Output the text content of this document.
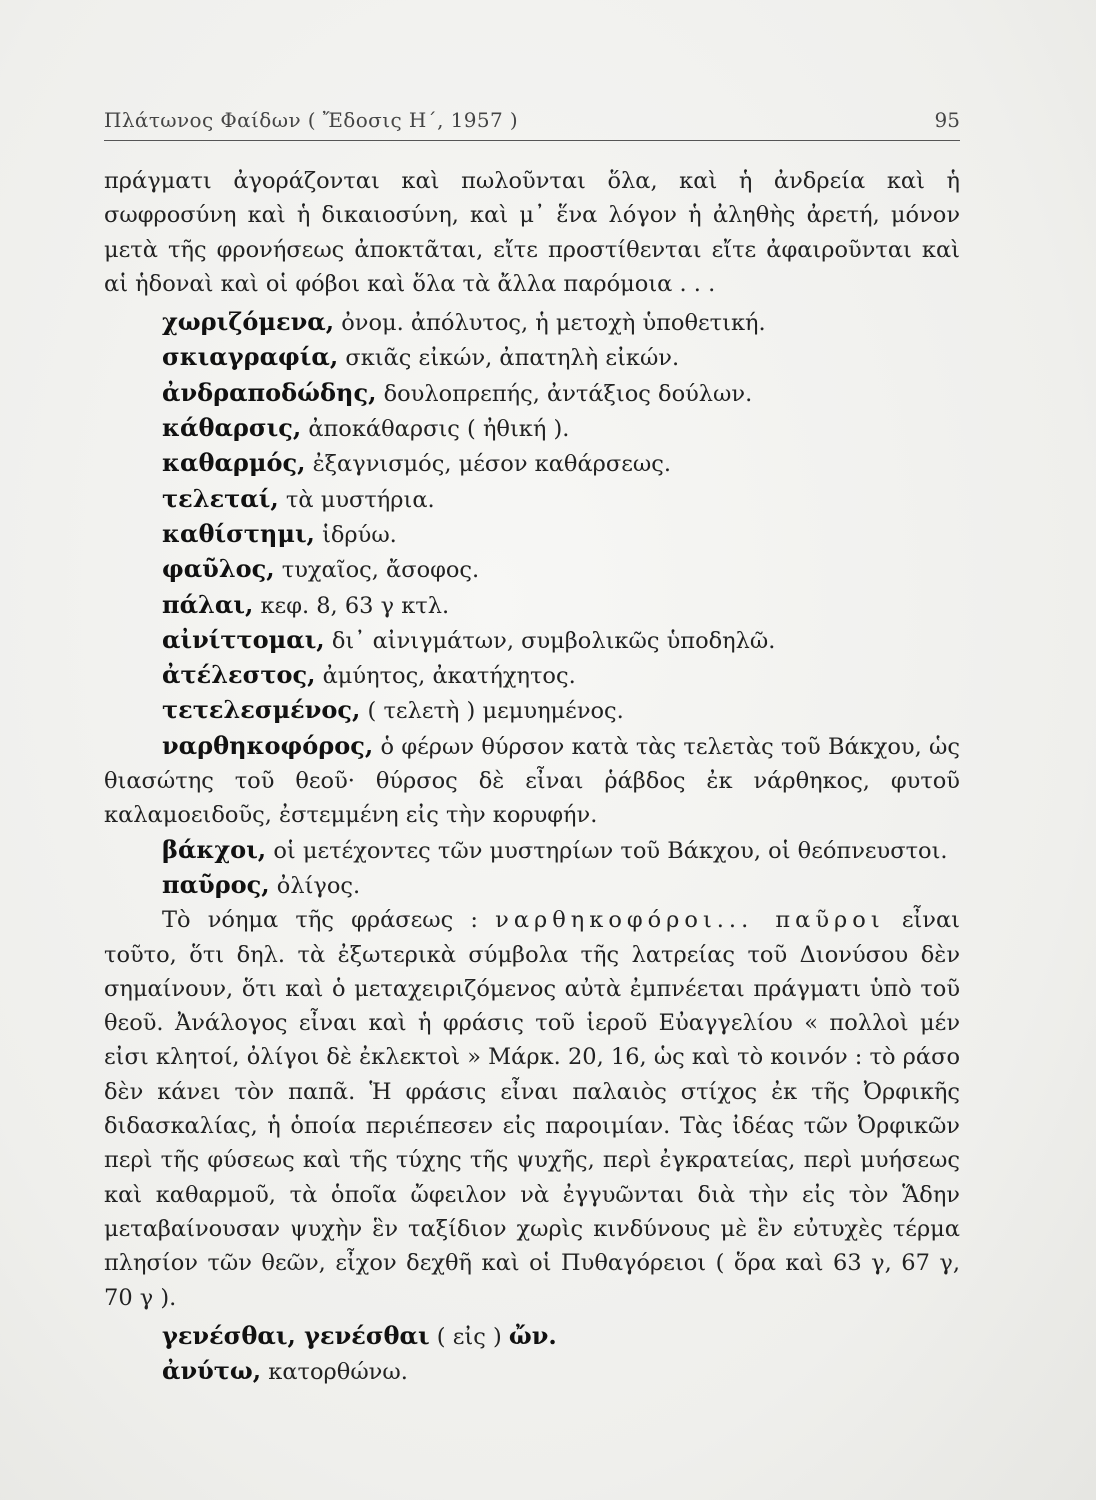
Πλάτωνος Φαίδων ( Ἔδοσις Η΄, 1957 )	95

πράγματι ἀγοράζονται καὶ πωλοῦνται ὅλα, καὶ ἡ ἀνδρεία καὶ ἡ σωφροσύνη καὶ ἡ δικαιοσύνη, καὶ μ᾽ ἕνα λόγον ἡ ἀληθὴς ἀρετή, μόνον μετὰ τῆς φρονήσεως ἀποκτᾶται, εἴτε προστίθενται εἴτε ἀφαιροῦνται καὶ αἱ ἡδοναὶ καὶ οἱ φόβοι καὶ ὅλα τὰ ἄλλα παρόμοια . . .

χωριζόμενα, ὀνομ. ἀπόλυτος, ἡ μετοχὴ ὑποθετική.

σκιαγραφία, σκιᾶς εἰκών, ἀπατηλὴ εἰκών.

ἀνδραποδώδης, δουλοπρεπής, ἀντάξιος δούλων.

κάθαρσις, ἀποκάθαρσις ( ἠθική ).

καθαρμός, ἐξαγνισμός, μέσον καθάρσεως.

τελεταί, τὰ μυστήρια.

καθίστημι, ἱδρύω.

φαῦλος, τυχαῖος, ἄσοφος.

πάλαι, κεφ. 8, 63 γ κτλ.

αἰνίττομαι, δι᾽ αἰνιγμάτων, συμβολικῶς ὑποδηλῶ.

ἀτέλεστος, ἀμύητος, ἀκατήχητος.

τετελεσμένος, ( τελετὴ ) μεμυημένος.

ναρθηκοφόρος, ὁ φέρων θύρσον κατὰ τὰς τελετὰς τοῦ Βάκχου, ὡς θιασώτης τοῦ θεοῦ· θύρσος δὲ εἶναι ῥάβδος ἐκ νάρθηκος, φυτοῦ καλαμοειδοῦς, ἐστεμμένη εἰς τὴν κορυφήν.

βάκχοι, οἱ μετέχοντες τῶν μυστηρίων τοῦ Βάκχου, οἱ θεόπνευστοι.

παῦρος, ὀλίγος.

Τὸ νόημα τῆς φράσεως : ναρθηκοφόροι... παῦροι εἶναι τοῦτο, ὅτι δηλ. τὰ ἐξωτερικὰ σύμβολα τῆς λατρείας τοῦ Διονύσου δὲν σημαίνουν, ὅτι καὶ ὁ μεταχειριζόμενος αὐτὰ ἐμπνέεται πράγματι ὑπὸ τοῦ θεοῦ. Ἀνάλογος εἶναι καὶ ἡ φράσις τοῦ ἱεροῦ Εὐαγγελίου « πολλοὶ μέν εἰσι κλητοί, ὀλίγοι δὲ ἐκλεκτοὶ » Μάρκ. 20, 16, ὡς καὶ τὸ κοινόν : τὸ ράσο δὲν κάνει τὸν παπᾶ. Ἡ φράσις εἶναι παλαιὸς στίχος ἐκ τῆς Ὀρφικῆς διδασκαλίας, ἡ ὁποία περιέπεσεν εἰς παροιμίαν. Τὰς ἰδέας τῶν Ὀρφικῶν περὶ τῆς φύσεως καὶ τῆς τύχης τῆς ψυχῆς, περὶ ἐγκρατείας, περὶ μυήσεως καὶ καθαρμοῦ, τὰ ὁποῖα ὤφειλον νὰ ἐγγυῶνται διὰ τὴν εἰς τὸν Ἅδην μεταβαίνουσαν ψυχὴν ἓν ταξίδιον χωρὶς κινδύνους μὲ ἓν εὐτυχὲς τέρμα πλησίον τῶν θεῶν, εἶχον δεχθῆ καὶ οἱ Πυθαγόρειοι ( ὅρα καὶ 63 γ, 67 γ, 70 γ ).

γενέσθαι, γενέσθαι ( εἰς ) ὤν.

ἀνύτω, κατορθώνω.
